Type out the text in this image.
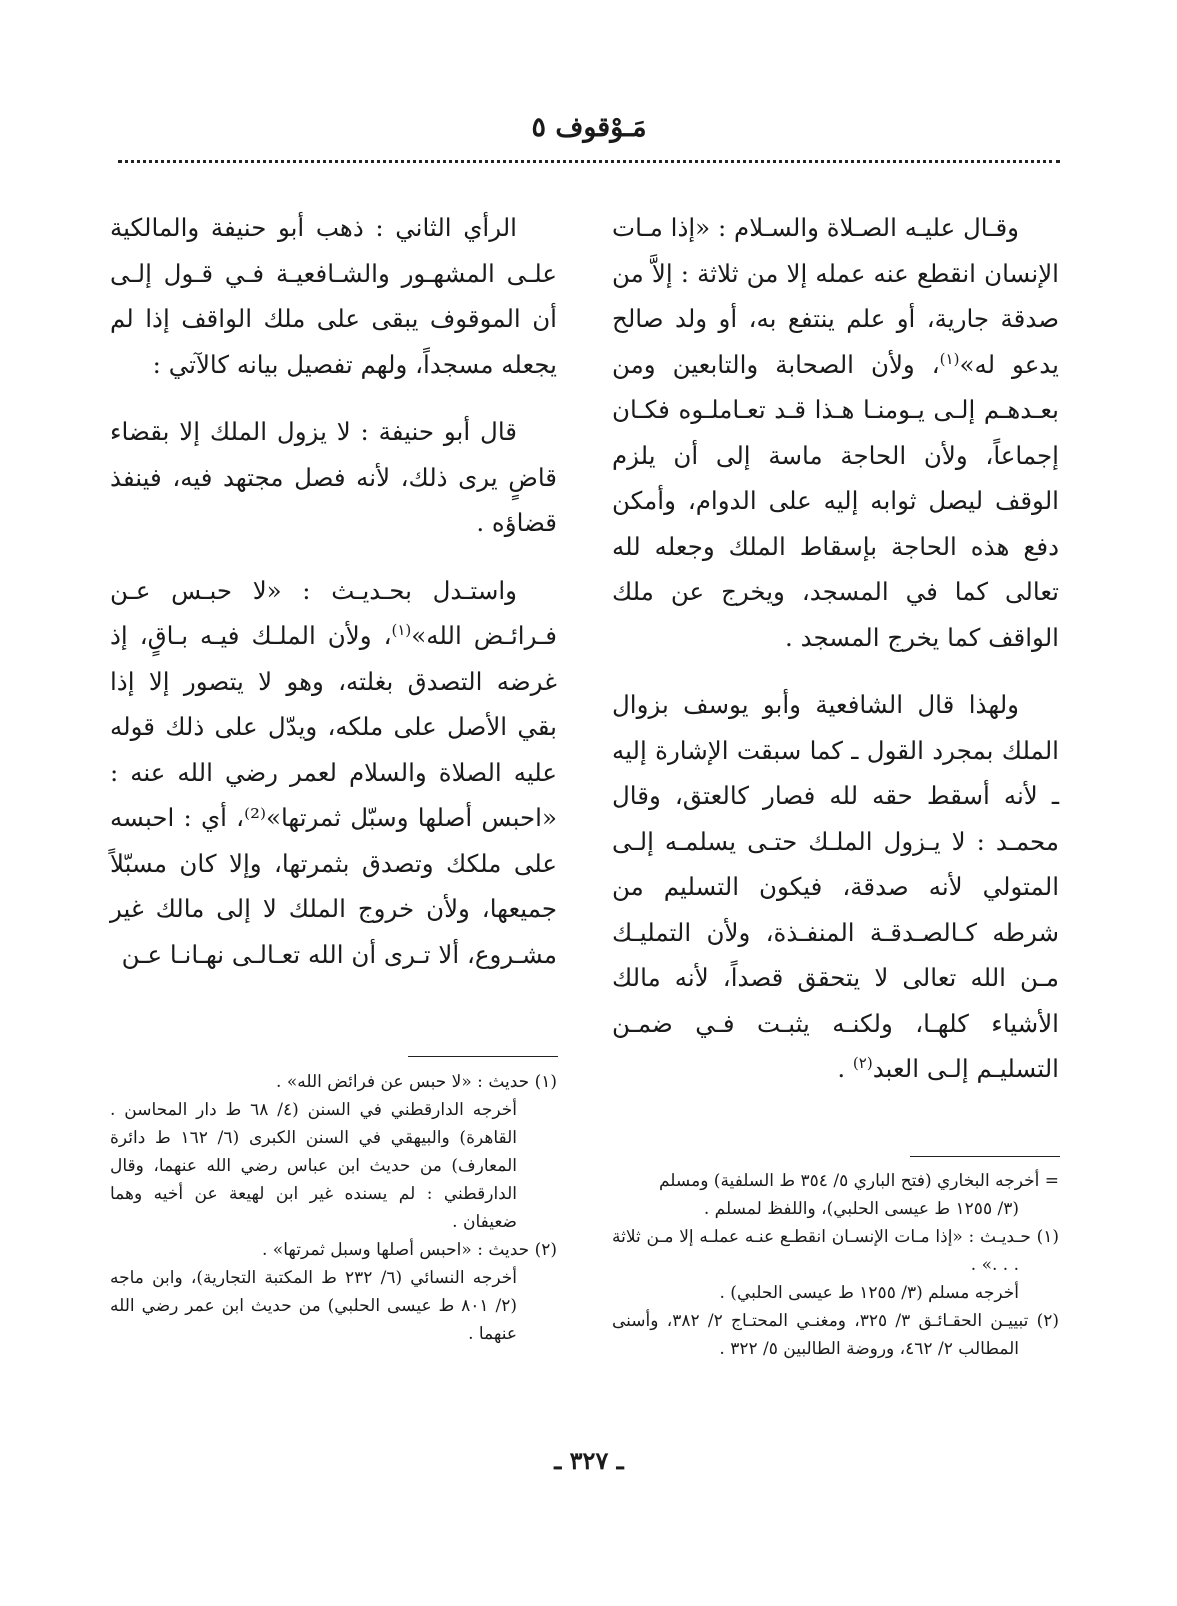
مَـوْقوف ٥

وقـال عليـه الصـلاة والسـلام : «إذا مـات الإنسان انقطع عنه عمله إلا من ثلاثة : إلاَّ من صدقة جارية، أو علم ينتفع به، أو ولد صالح يدعو له»$^{(١)}$، ولأن الصحابة والتابعين ومن بعـدهـم إلـى يـومنـا هـذا قـد تعـاملـوه فكـان إجماعاً، ولأن الحاجة ماسة إلى أن يلزم الوقف ليصل ثوابه إليه على الدوام، وأمكن دفع هذه الحاجة بإسقاط الملك وجعله لله تعالى كما في المسجد، ويخرج عن ملك الواقف كما يخرج المسجد .

ولهذا قال الشافعية وأبو يوسف بزوال الملك بمجرد القول ـ كما سبقت الإشارة إليه ـ لأنه أسقط حقه لله فصار كالعتق، وقال محمـد : لا يـزول الملـك حتـى يسلمـه إلـى المتولي لأنه صدقة، فيكون التسليم من شرطه كـالصـدقـة المنفـذة، ولأن التمليـك مـن الله تعالى لا يتحقق قصداً، لأنه مالك الأشياء كلهـا، ولكنـه يثبـت فـي ضمـن التسليـم إلـى العبد$^{(٢)}$ .

الرأي الثاني : ذهب أبو حنيفة والمالكية علـى المشهـور والشـافعيـة فـي قـول إلـى أن الموقوف يبقى على ملك الواقف إذا لم يجعله مسجداً، ولهم تفصيل بيانه كالآتي :

قال أبو حنيفة : لا يزول الملك إلا بقضاء قاضٍ يرى ذلك، لأنه فصل مجتهد فيه، فينفذ قضاؤه .

واستـدل بحـديـث : «لا حبـس عـن فـرائـض الله»$^{(١)}$، ولأن الملـك فيـه بـاقٍ، إذ غرضه التصدق بغلته، وهو لا يتصور إلا إذا بقي الأصل على ملكه، ويدّل على ذلك قوله عليه الصلاة والسلام لعمر رضي الله عنه : «احبس أصلها وسبّل ثمرتها»⁽²⁾، أي : احبسه على ملكك وتصدق بثمرتها، وإلا كان مسبّلاً جميعها، ولأن خروج الملك لا إلى مالك غير مشـروع، ألا تـرى أن الله تعـالـى نهـانـا عـن

= أخرجه البخاري (فتح الباري ٥/ ٣٥٤ ط السلفية) ومسلم

(٣/ ١٢٥٥ ط عيسى الحلبي)، واللفظ لمسلم .

(١) حـديـث : «إذا مـات الإنسـان انقطـع عنـه عملـه إلا مـن ثلاثة . . .» .

أخرجه مسلم (٣/ ١٢٥٥ ط عيسى الحلبي) .

(٢) تبييـن الحقـائـق ٣/ ٣٢٥، ومغنـي المحتـاج ٢/ ٣٨٢، وأسنى المطالب ٢/ ٤٦٢، وروضة الطالبين ٥/ ٣٢٢ .

(١) حديث : «لا حبس عن فرائض الله» .

أخرجه الدارقطني في السنن (٤/ ٦٨ ط دار المحاسن . القاهرة) والبيهقي في السنن الكبرى (٦/ ١٦٢ ط دائرة المعارف) من حديث ابن عباس رضي الله عنهما، وقال الدارقطني : لم يسنده غير ابن لهيعة عن أخيه وهما ضعيفان .

(٢) حديث : «احبس أصلها وسبل ثمرتها» .

أخرجه النسائي (٦/ ٢٣٢ ط المكتبة التجارية)، وابن ماجه (٢/ ٨٠١ ط عيسى الحلبي) من حديث ابن عمر رضي الله عنهما .

ـ ٣٢٧ ـ
